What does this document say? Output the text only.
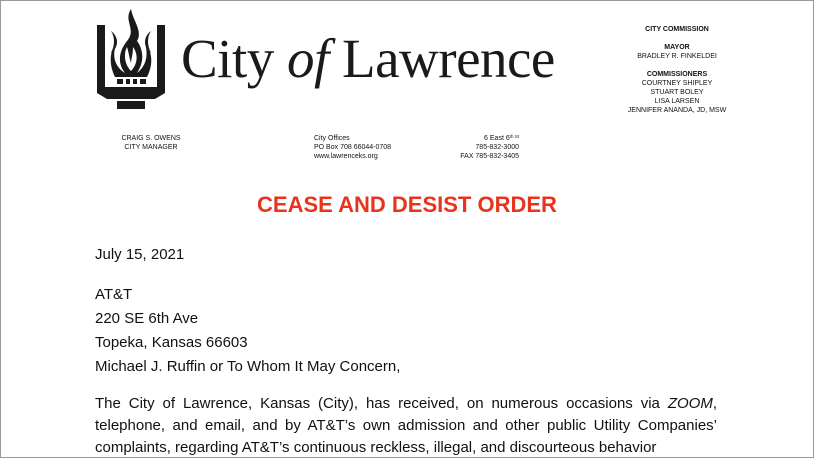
City of Lawrence	CITY COMMISSION
MAYOR
BRADLEY R. FINKELDEI
COMMISSIONERS
COURTNEY SHIPLEY
STUART BOLEY
LISA LARSEN
JENNIFER ANANDA, JD, MSW
CRAIG S. OWENS
CITY MANAGER
City Offices
PO Box 708 66044-0708
www.lawrenceks.org
6 East $6^{th St}$
785-832-3000
FAX 785-832-3405
CEASE AND DESIST ORDER
July 15, 2021
AT&T
220 SE 6th Ave
Topeka, Kansas 66603
Michael J. Ruffin or To Whom It May Concern,
The City of Lawrence, Kansas (City), has received, on numerous occasions via ZOOM, telephone, and email, and by AT&T’s own admission and other public Utility Companies’ complaints, regarding AT&T’s continuous reckless, illegal, and discourteous behavior
